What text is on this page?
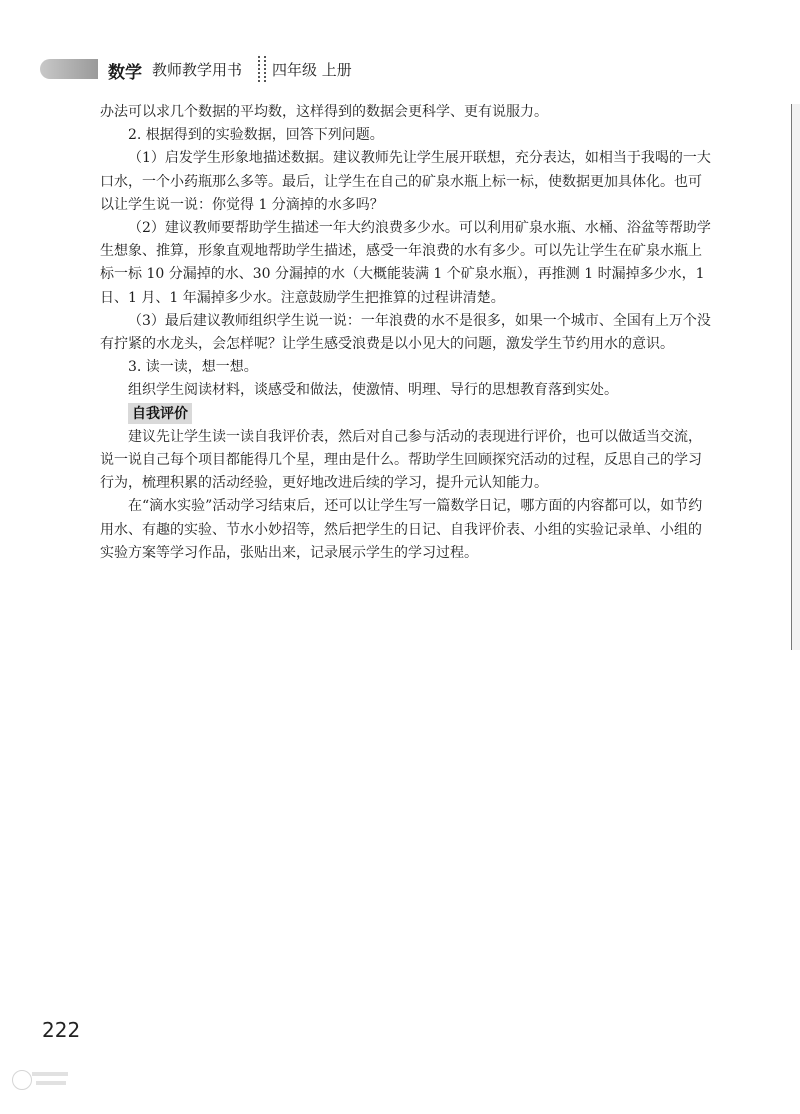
数学 教师教学用书 四年级 上册

办法可以求几个数据的平均数，这样得到的数据会更科学、更有说服力。

2. 根据得到的实验数据，回答下列问题。

（1）启发学生形象地描述数据。建议教师先让学生展开联想，充分表达，如相当于我喝的一大口水，一个小药瓶那么多等。最后，让学生在自己的矿泉水瓶上标一标，使数据更加具体化。也可以让学生说一说：你觉得 1 分滴掉的水多吗？

（2）建议教师要帮助学生描述一年大约浪费多少水。可以利用矿泉水瓶、水桶、浴盆等帮助学生想象、推算，形象直观地帮助学生描述，感受一年浪费的水有多少。可以先让学生在矿泉水瓶上标一标 10 分漏掉的水、30 分漏掉的水（大概能装满 1 个矿泉水瓶），再推测 1 时漏掉多少水，1 日、1 月、1 年漏掉多少水。注意鼓励学生把推算的过程讲清楚。

（3）最后建议教师组织学生说一说：一年浪费的水不是很多，如果一个城市、全国有上万个没有拧紧的水龙头，会怎样呢？让学生感受浪费是以小见大的问题，激发学生节约用水的意识。

3. 读一读，想一想。

组织学生阅读材料，谈感受和做法，使激情、明理、导行的思想教育落到实处。

自我评价

建议先让学生读一读自我评价表，然后对自己参与活动的表现进行评价，也可以做适当交流，说一说自己每个项目都能得几个星，理由是什么。帮助学生回顾探究活动的过程，反思自己的学习行为，梳理积累的活动经验，更好地改进后续的学习，提升元认知能力。

在“滴水实验”活动学习结束后，还可以让学生写一篇数学日记，哪方面的内容都可以，如节约用水、有趣的实验、节水小妙招等，然后把学生的日记、自我评价表、小组的实验记录单、小组的实验方案等学习作品，张贴出来，记录展示学生的学习过程。

222
